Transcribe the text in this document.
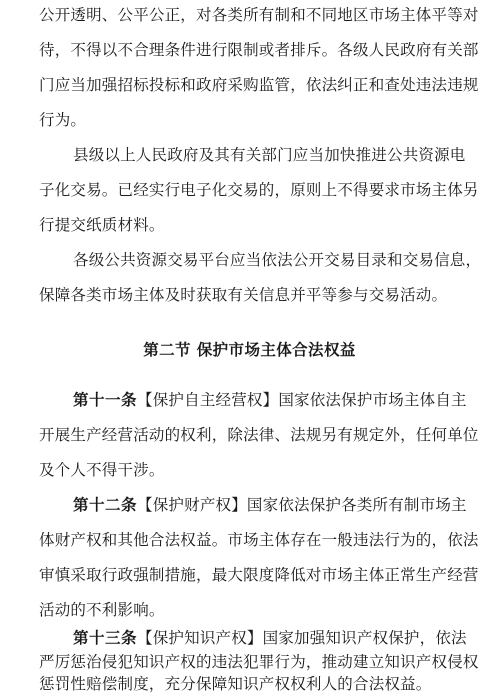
公开透明、公平公正，对各类所有制和不同地区市场主体平等对
待，不得以不合理条件进行限制或者排斥。各级人民政府有关部
门应当加强招标投标和政府采购监管，依法纠正和查处违法违规
行为。
县级以上人民政府及其有关部门应当加快推进公共资源电
子化交易。已经实行电子化交易的，原则上不得要求市场主体另
行提交纸质材料。
各级公共资源交易平台应当依法公开交易目录和交易信息，
保障各类市场主体及时获取有关信息并平等参与交易活动。
第二节 保护市场主体合法权益
第十一条【保护自主经营权】国家依法保护市场主体自主
开展生产经营活动的权利，除法律、法规另有规定外，任何单位
及个人不得干涉。
第十二条【保护财产权】国家依法保护各类所有制市场主
体财产权和其他合法权益。市场主体存在一般违法行为的，依法
审慎采取行政强制措施，最大限度降低对市场主体正常生产经营
活动的不利影响。
第十三条【保护知识产权】国家加强知识产权保护，依法
严厉惩治侵犯知识产权的违法犯罪行为，推动建立知识产权侵权
惩罚性赔偿制度，充分保障知识产权权利人的合法权益。
